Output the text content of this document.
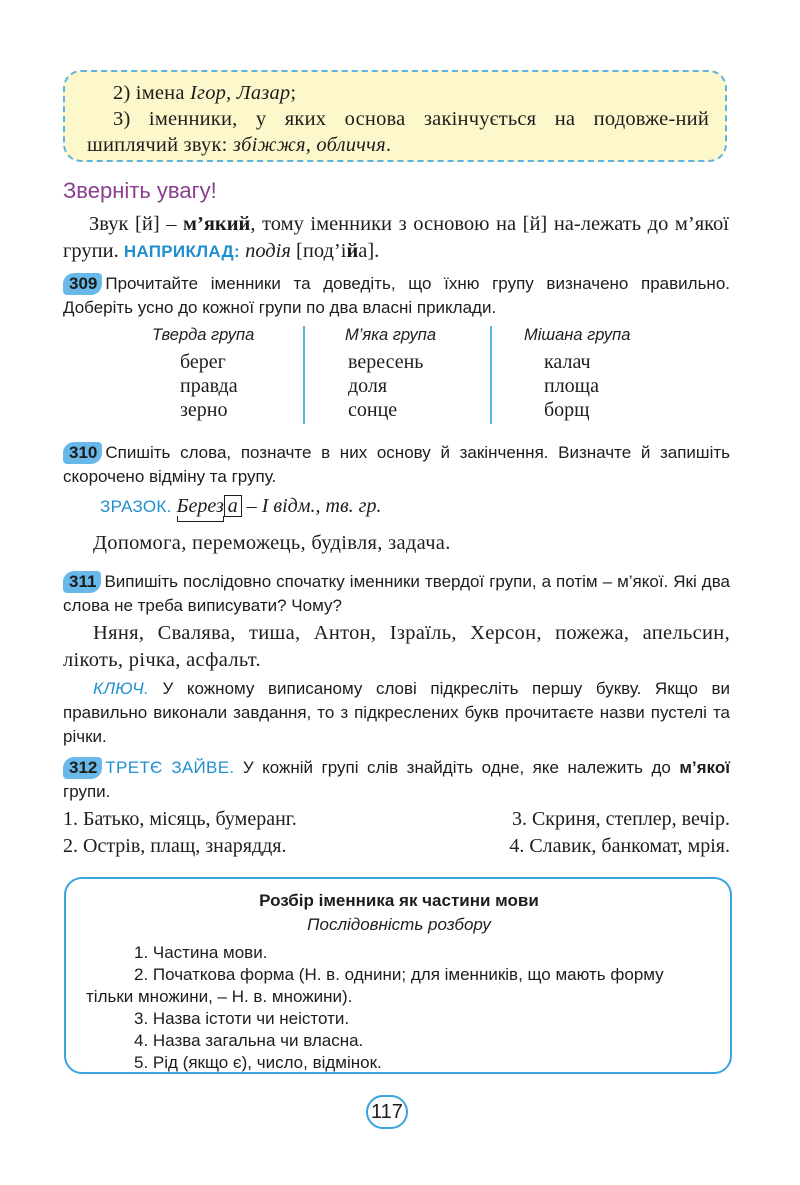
2) імена Ігор, Лазар;

3) іменники, у яких основа закінчується на подовже-ний шиплячий звук: збіжжя, обличчя.

Зверніть увагу!

Звук [й] – м’який, тому іменники з основою на [й] на-лежать до м’якої групи. НАПРИКЛАД: подія [под’ійа].

309 Прочитайте іменники та доведіть, що їхню групу визначено правильно. Доберіть усно до кожної групи по два власні приклади.

Тверда група
берег
правда
зерно
М’яка група
вересень
доля
сонце
Мішана група
калач
площа
борщ

310 Спишіть слова, позначте в них основу й закінчення. Визначте й запишіть скорочено відміну та групу.

ЗРАЗОК. Берез а – І відм., тв. гр.

Допомога, переможець, будівля, задача.

311 Випишіть послідовно спочатку іменники твердої групи, а потім – м’якої. Які два слова не треба виписувати? Чому?

Няня, Свалява, тиша, Антон, Ізраїль, Херсон, пожежа, апельсин, лікоть, річка, асфальт.

КЛЮЧ. У кожному виписаному слові підкресліть першу букву. Якщо ви правильно виконали завдання, то з підкреслених букв прочитаєте назви пустелі та річки.

312 ТРЕТЄ ЗАЙВЕ. У кожній групі слів знайдіть одне, яке належить до м’якої групи.

1. Батько, місяць, бумеранг.	3. Скриня, степлер, вечір.
2. Острів, плащ, знаряддя.	4. Славик, банкомат, мрія.
Розбір іменника як частини мови
Послідовність розбору
1. Частина мови.
2. Початкова форма (Н. в. однини; для іменників, що мають форму тільки множини, – Н. в. множини).
3. Назва істоти чи неістоти.
4. Назва загальна чи власна.
5. Рід (якщо є), число, відмінок.
117
